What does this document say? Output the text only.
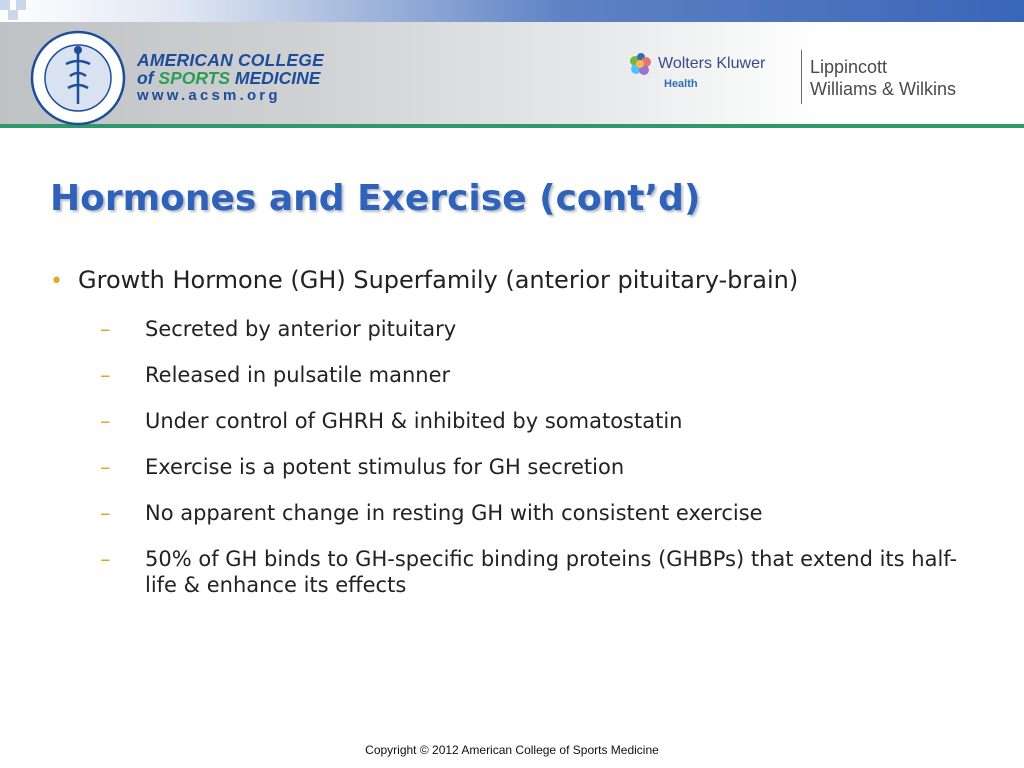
AMERICAN COLLEGE
of SPORTS MEDICINE
www.acsm.org
Wolters Kluwer
Health
Lippincott
Williams & Wilkins
Hormones and Exercise (cont’d)
• Growth Hormone (GH) Superfamily (anterior pituitary-brain)
– Secreted by anterior pituitary
– Released in pulsatile manner
– Under control of GHRH & inhibited by somatostatin
– Exercise is a potent stimulus for GH secretion
– No apparent change in resting GH with consistent exercise
– 50% of GH binds to GH-specific binding proteins (GHBPs) that extend its half-life & enhance its effects
Copyright © 2012 American College of Sports Medicine
